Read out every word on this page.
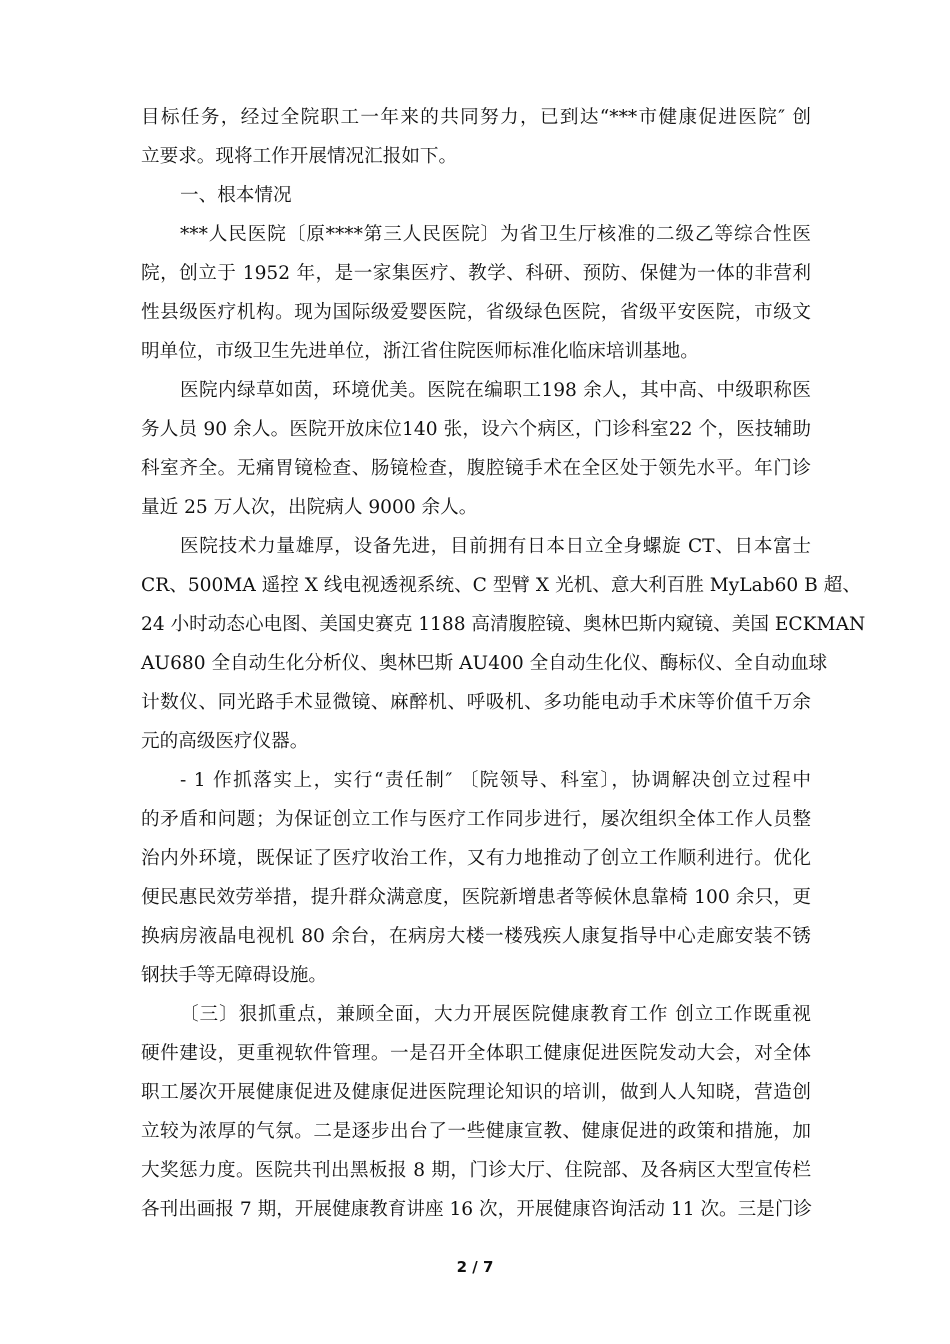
目标任务，经过全院职工一年来的共同努力，已到达“***市健康促进医院″ 创
立要求。现将工作开展情况汇报如下。
一、根本情况
***人民医院〔原****第三人民医院〕为省卫生厅核准的二级乙等综合性医
院，创立于 1952 年，是一家集医疗、教学、科研、预防、保健为一体的非营利
性县级医疗机构。现为国际级爱婴医院，省级绿色医院，省级平安医院，市级文
明单位，市级卫生先进单位，浙江省住院医师标准化临床培训基地。
医院内绿草如茵，环境优美。医院在编职工198 余人，其中高、中级职称医
务人员 90 余人。医院开放床位140 张，设六个病区，门诊科室22 个，医技辅助
科室齐全。无痛胃镜检查、肠镜检查，腹腔镜手术在全区处于领先水平。年门诊
量近 25 万人次，出院病人 9000 余人。
医院技术力量雄厚，设备先进，目前拥有日本日立全身螺旋 CT、日本富士
CR、500MA 遥控 X 线电视透视系统、C 型臂 X 光机、意大利百胜 MyLab60 B 超、
24 小时动态心电图、美国史赛克 1188 高清腹腔镜、奥林巴斯内窥镜、美国 ECKMAN
AU680 全自动生化分析仪、奥林巴斯 AU400 全自动生化仪、酶标仪、全自动血球
计数仪、同光路手术显微镜、麻醉机、呼吸机、多功能电动手术床等价值千万余
元的高级医疗仪器。
- 1 作抓落实上，实行“责任制″ 〔院领导、科室〕，协调解决创立过程中
的矛盾和问题；为保证创立工作与医疗工作同步进行，屡次组织全体工作人员整
治内外环境，既保证了医疗收治工作，又有力地推动了创立工作顺利进行。优化
便民惠民效劳举措，提升群众满意度，医院新增患者等候休息靠椅 100 余只，更
换病房液晶电视机 80 余台，在病房大楼一楼残疾人康复指导中心走廊安装不锈
钢扶手等无障碍设施。
〔三〕狠抓重点，兼顾全面，大力开展医院健康教育工作 创立工作既重视
硬件建设，更重视软件管理。一是召开全体职工健康促进医院发动大会，对全体
职工屡次开展健康促进及健康促进医院理论知识的培训，做到人人知晓，营造创
立较为浓厚的气氛。二是逐步出台了一些健康宣教、健康促进的政策和措施，加
大奖惩力度。医院共刊出黑板报 8 期，门诊大厅、住院部、及各病区大型宣传栏
各刊出画报 7 期，开展健康教育讲座 16 次，开展健康咨询活动 11 次。三是门诊
2 / 7
